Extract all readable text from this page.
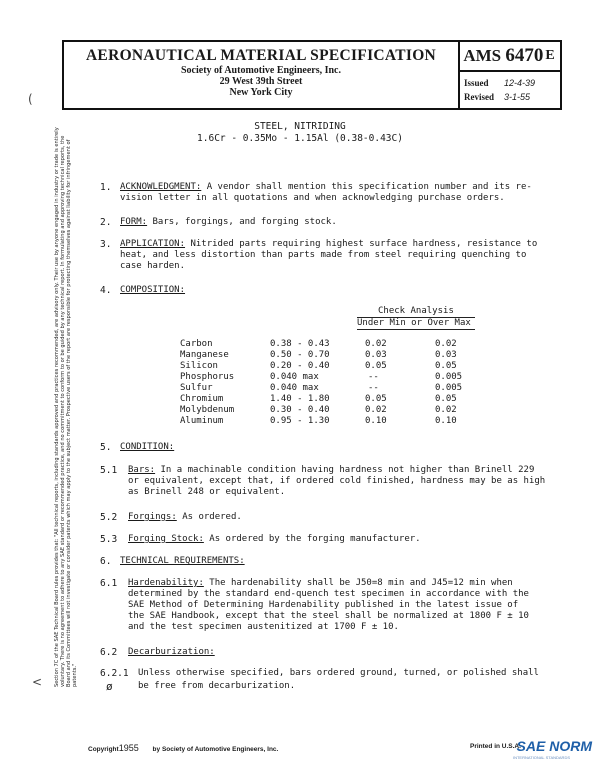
AERONAUTICAL MATERIAL SPECIFICATION
Society of Automotive Engineers, Inc.
29 West 39th Street
New York City
AMS
6470 E
Issued 12-4-39
Revised 3-1-55
STEEL, NITRIDING
1.6Cr - 0.35Mo - 1.15Al (0.38-0.43C)
1. ACKNOWLEDGMENT: A vendor shall mention this specification number and its re-
vision letter in all quotations and when acknowledging purchase orders.
2. FORM: Bars, forgings, and forging stock.
3. APPLICATION: Nitrided parts requiring highest surface hardness, resistance to
heat, and less distortion than parts made from steel requiring quenching to
case harden.
4. COMPOSITION:
Check Analysis
Under Min or Over Max
Carbon	0.38 - 0.43	0.02	0.02
Manganese	0.50 - 0.70	0.03	0.03
Silicon	0.20 - 0.40	0.05	0.05
Phosphorus	0.040 max	--	0.005
Sulfur	0.040 max	--	0.005
Chromium	1.40 - 1.80	0.05	0.05
Molybdenum	0.30 - 0.40	0.02	0.02
Aluminum	0.95 - 1.30	0.10	0.10
5. CONDITION:
5.1 Bars: In a machinable condition having hardness not higher than Brinell 229
or equivalent, except that, if ordered cold finished, hardness may be as high
as Brinell 248 or equivalent.
5.2 Forgings: As ordered.
5.3 Forging Stock: As ordered by the forging manufacturer.
6. TECHNICAL REQUIREMENTS:
6.1 Hardenability: The hardenability shall be J50=8 min and J45=12 min when
determined by the standard end-quench test specimen in accordance with the
SAE Method of Determining Hardenability published in the latest issue of
the SAE Handbook, except that the steel shall be normalized at 1800 F ± 10
and the test specimen austenitized at 1700 F ± 10.
6.2 Decarburization:
6.2.1 Unless otherwise specified, bars ordered ground, turned, or polished shall
ø	be free from decarburization.
(
< Section 7C of the SAE Technical Board rules provides that: "All technical reports, including standards approved and practices recommended, are advisory only. Their use by anyone engaged in industry or trade is entirely voluntary. There is no agreement to adhere to any SAE standard or recommended practice, and no commitment to conform to or be guided by any technical report. In formulating and approving technical reports, the Board and its Committees will not investigate or consider patents which may apply to the subject matter. Prospective users of the report are responsible for protecting themselves against liability for infringement of patents."
Copyright1955 by Society of Automotive Engineers, Inc.	Printed in U.S.A.
SAE NORM
INTERNATIONAL STANDARDS
